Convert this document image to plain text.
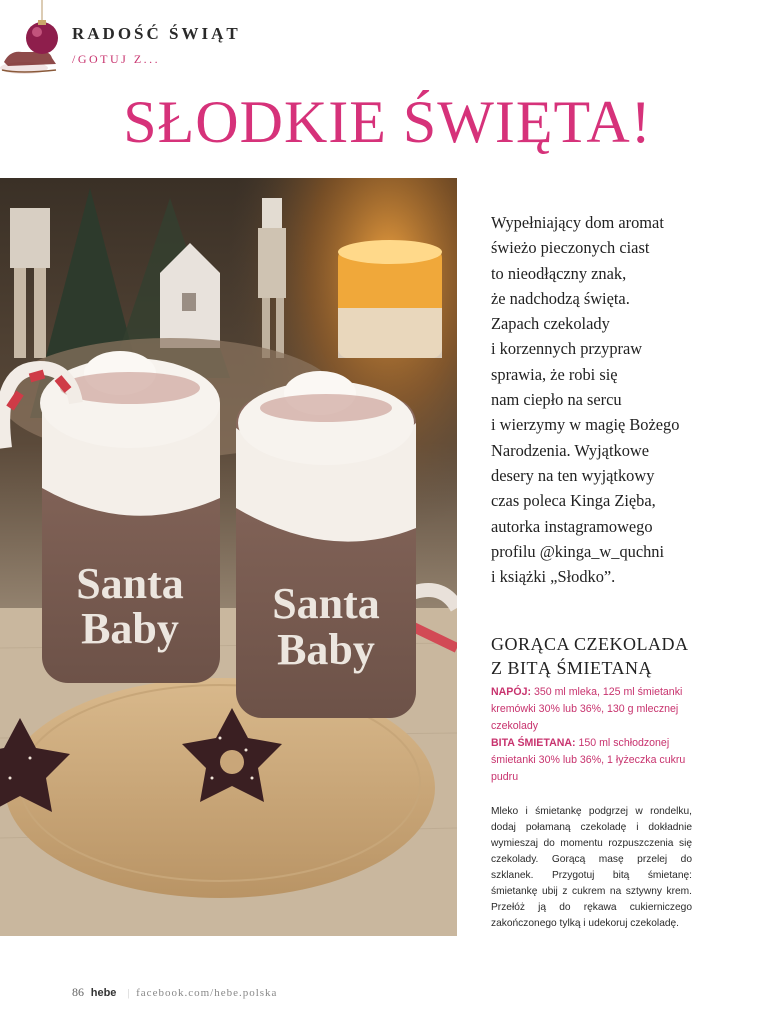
RADOŚĆ ŚWIĄT
/GOTUJ Z...
SŁODKIE ŚWIĘTA!
Santa
Baby
Santa
Baby
Wypełniający dom aromat
świeżo pieczonych ciast
to nieodłączny znak,
że nadchodzą święta.
Zapach czekolady
i korzennych przypraw
sprawia, że robi się
nam ciepło na sercu
i wierzymy w magię Bożego
Narodzenia. Wyjątkowe
desery na ten wyjątkowy
czas poleca Kinga Zięba,
autorka instagramowego
profilu @kinga_w_quchni
i książki „Słodko”.
GORĄCA CZEKOLADA
Z BITĄ ŚMIETANĄ
NAPÓJ: 350 ml mleka, 125 ml śmietanki kremówki 30% lub 36%, 130 g mlecznej czekolady
BITA ŚMIETANA: 150 ml schłodzonej śmietanki 30% lub 36%, 1 łyżeczka cukru pudru
Mleko i śmietankę podgrzej w rondelku, dodaj połamaną czekoladę i dokładnie wymieszaj do momentu rozpuszczenia się czekolady. Gorącą masę przelej do szklanek. Przygotuj bitą śmietanę: śmietankę ubij z cukrem na sztywny krem. Przełóż ją do rękawa cukierniczego zakończonego tylką i udekoruj czekoladę.
86 hebe | facebook.com/hebe.polska
